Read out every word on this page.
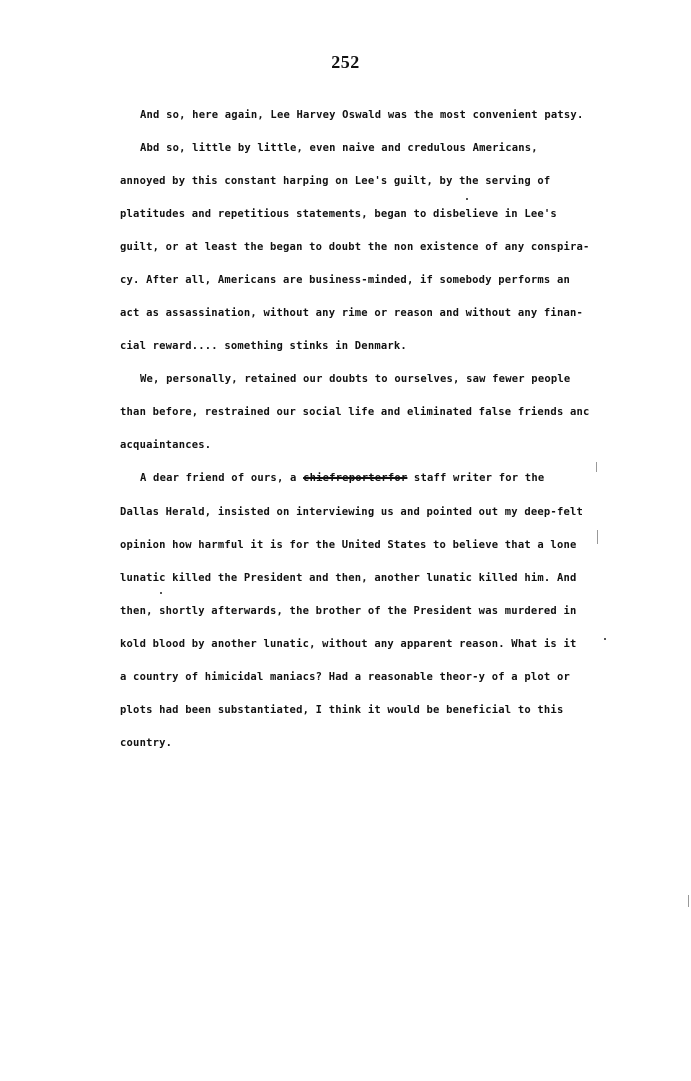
252
And so, here again, Lee Harvey Oswald was the most convenient patsy.
Abd so, little by little, even naive and credulous Americans,
annoyed by this constant harping on Lee's guilt, by the serving of
platitudes and repetitious statements, began to disbelieve in Lee's
guilt, or at least the began to doubt the non existence of any conspira-
cy. After all, Americans are business-minded, if somebody performs an
act as assassination, without any rime or reason and without any finan-
cial reward.... something stinks in Denmark.
We, personally, retained our doubts to ourselves, saw fewer people
than before, restrained our social life and eliminated false friends anc
acquaintances.
A dear friend of ours, a chiefreporterfor staff writer for the
Dallas Herald, insisted on interviewing us and pointed out my deep-felt
opinion how harmful it is for the United States to believe that a lone
lunatic killed the President and then, another lunatic killed him. And
then, shortly afterwards, the brother of the President was murdered in
kold blood by another lunatic, without any apparent reason. What is it
a country of himicidal maniacs? Had a reasonable theor-y of a plot or
plots had been substantiated, I think it would be beneficial to this
country.
